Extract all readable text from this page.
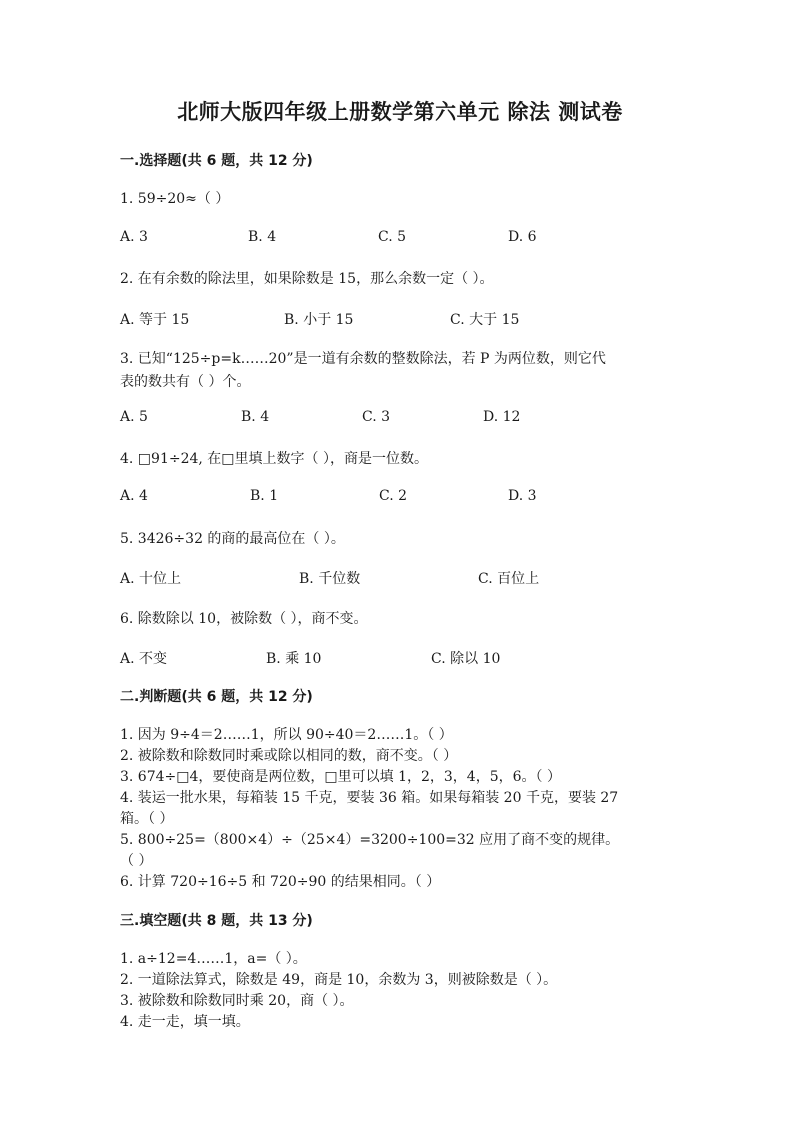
北师大版四年级上册数学第六单元 除法 测试卷
一.选择题(共 6 题，共 12 分)
1. 59÷20≈（ ）
A. 3	B. 4	C. 5	D. 6
2. 在有余数的除法里，如果除数是 15，那么余数一定（ ）。
A. 等于 15	B. 小于 15	C. 大于 15
3. 已知“125÷p=k……20”是一道有余数的整数除法，若 P 为两位数，则它代
表的数共有（ ）个。
A. 5	B. 4	C. 3	D. 12
4. □91÷24, 在□里填上数字（ ），商是一位数。
A. 4	B. 1	C. 2	D. 3
5. 3426÷32 的商的最高位在（ ）。
A. 十位上	B. 千位数	C. 百位上
6. 除数除以 10，被除数（ ），商不变。
A. 不变	B. 乘 10	C. 除以 10
二.判断题(共 6 题，共 12 分)
1. 因为 9÷4＝2……1，所以 90÷40＝2……1。（ ）
2. 被除数和除数同时乘或除以相同的数，商不变。（ ）
3. 674÷□4，要使商是两位数，□里可以填 1，2，3，4，5，6。（ ）
4. 装运一批水果，每箱装 15 千克，要装 36 箱。如果每箱装 20 千克，要装 27
箱。（ ）
5. 800÷25=（800×4）÷（25×4）=3200÷100=32 应用了商不变的规律。
（ ）
6. 计算 720÷16÷5 和 720÷90 的结果相同。（ ）
三.填空题(共 8 题，共 13 分)
1. a÷12=4……1，a=（ ）。
2. 一道除法算式，除数是 49，商是 10，余数为 3，则被除数是（ ）。
3. 被除数和除数同时乘 20，商（ ）。
4. 走一走，填一填。
